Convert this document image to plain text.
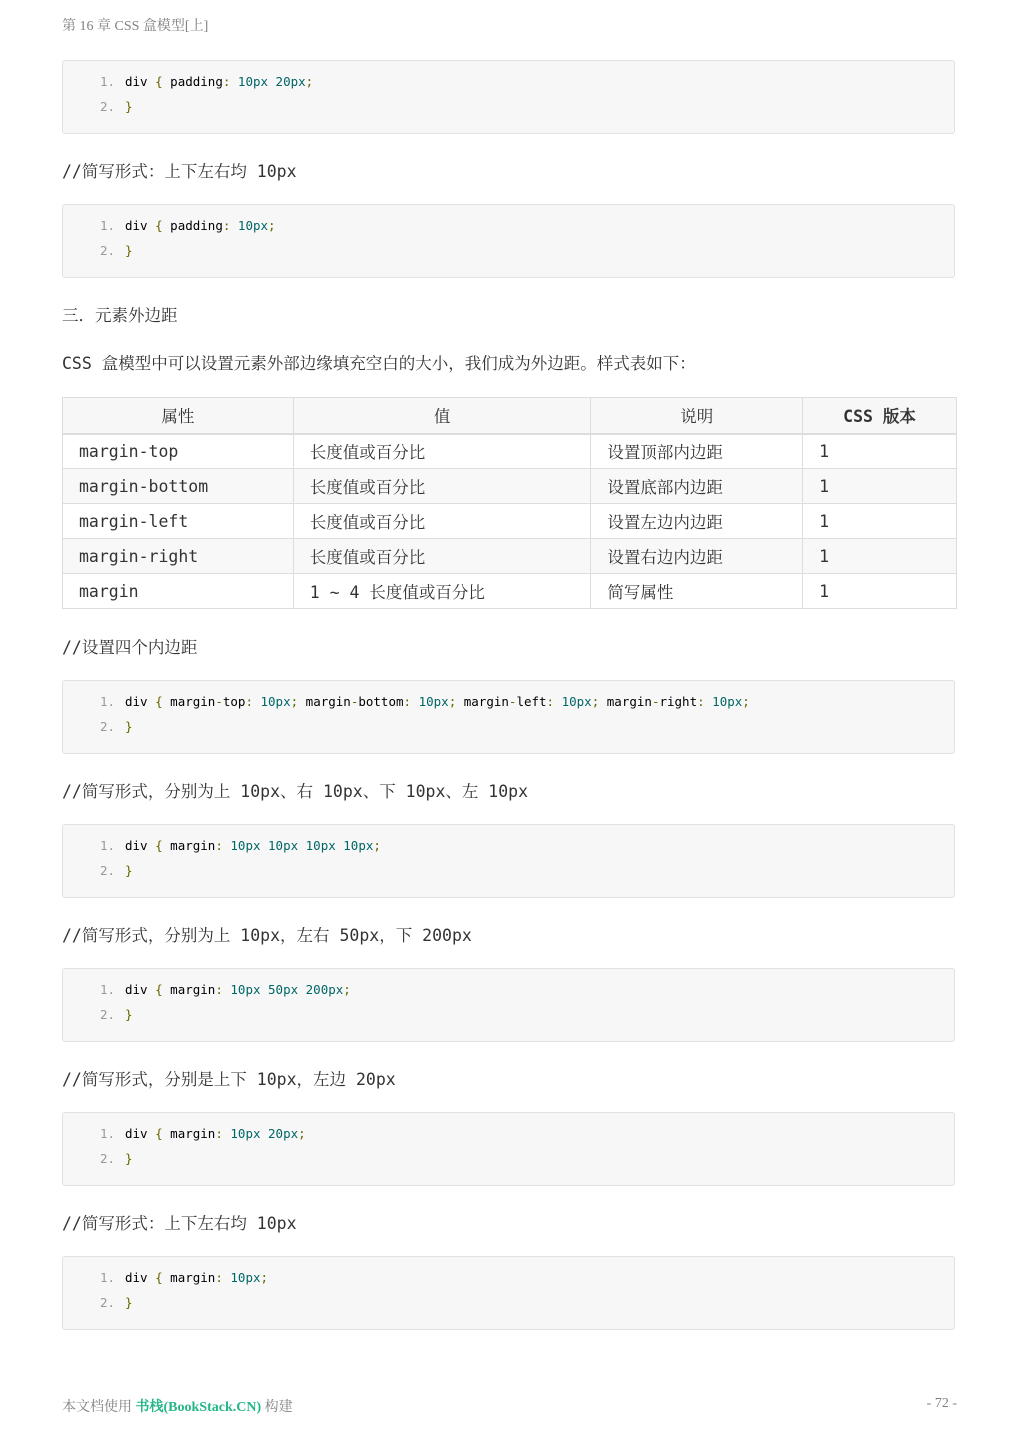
第 16 章 CSS 盒模型[上]
1. div { padding: 10px 20px;
2. }
//简写形式：上下左右均 10px
1. div { padding: 10px;
2. }
三．元素外边距
CSS 盒模型中可以设置元素外部边缘填充空白的大小，我们成为外边距。样式表如下：
属性	值	说明	CSS 版本
margin-top	长度值或百分比	设置顶部内边距	1
margin-bottom	长度值或百分比	设置底部内边距	1
margin-left	长度值或百分比	设置左边内边距	1
margin-right	长度值或百分比	设置右边内边距	1
margin	1 ~ 4 长度值或百分比	简写属性	1
//设置四个内边距
1. div { margin-top: 10px; margin-bottom: 10px; margin-left: 10px; margin-right: 10px;
2. }
//简写形式，分别为上 10px、右 10px、下 10px、左 10px
1. div { margin: 10px 10px 10px 10px;
2. }
//简写形式，分别为上 10px，左右 50px，下 200px
1. div { margin: 10px 50px 200px;
2. }
//简写形式，分别是上下 10px，左边 20px
1. div { margin: 10px 20px;
2. }
//简写形式：上下左右均 10px
1. div { margin: 10px;
2. }
本文档使用 书栈(BookStack.CN) 构建	- 72 -
